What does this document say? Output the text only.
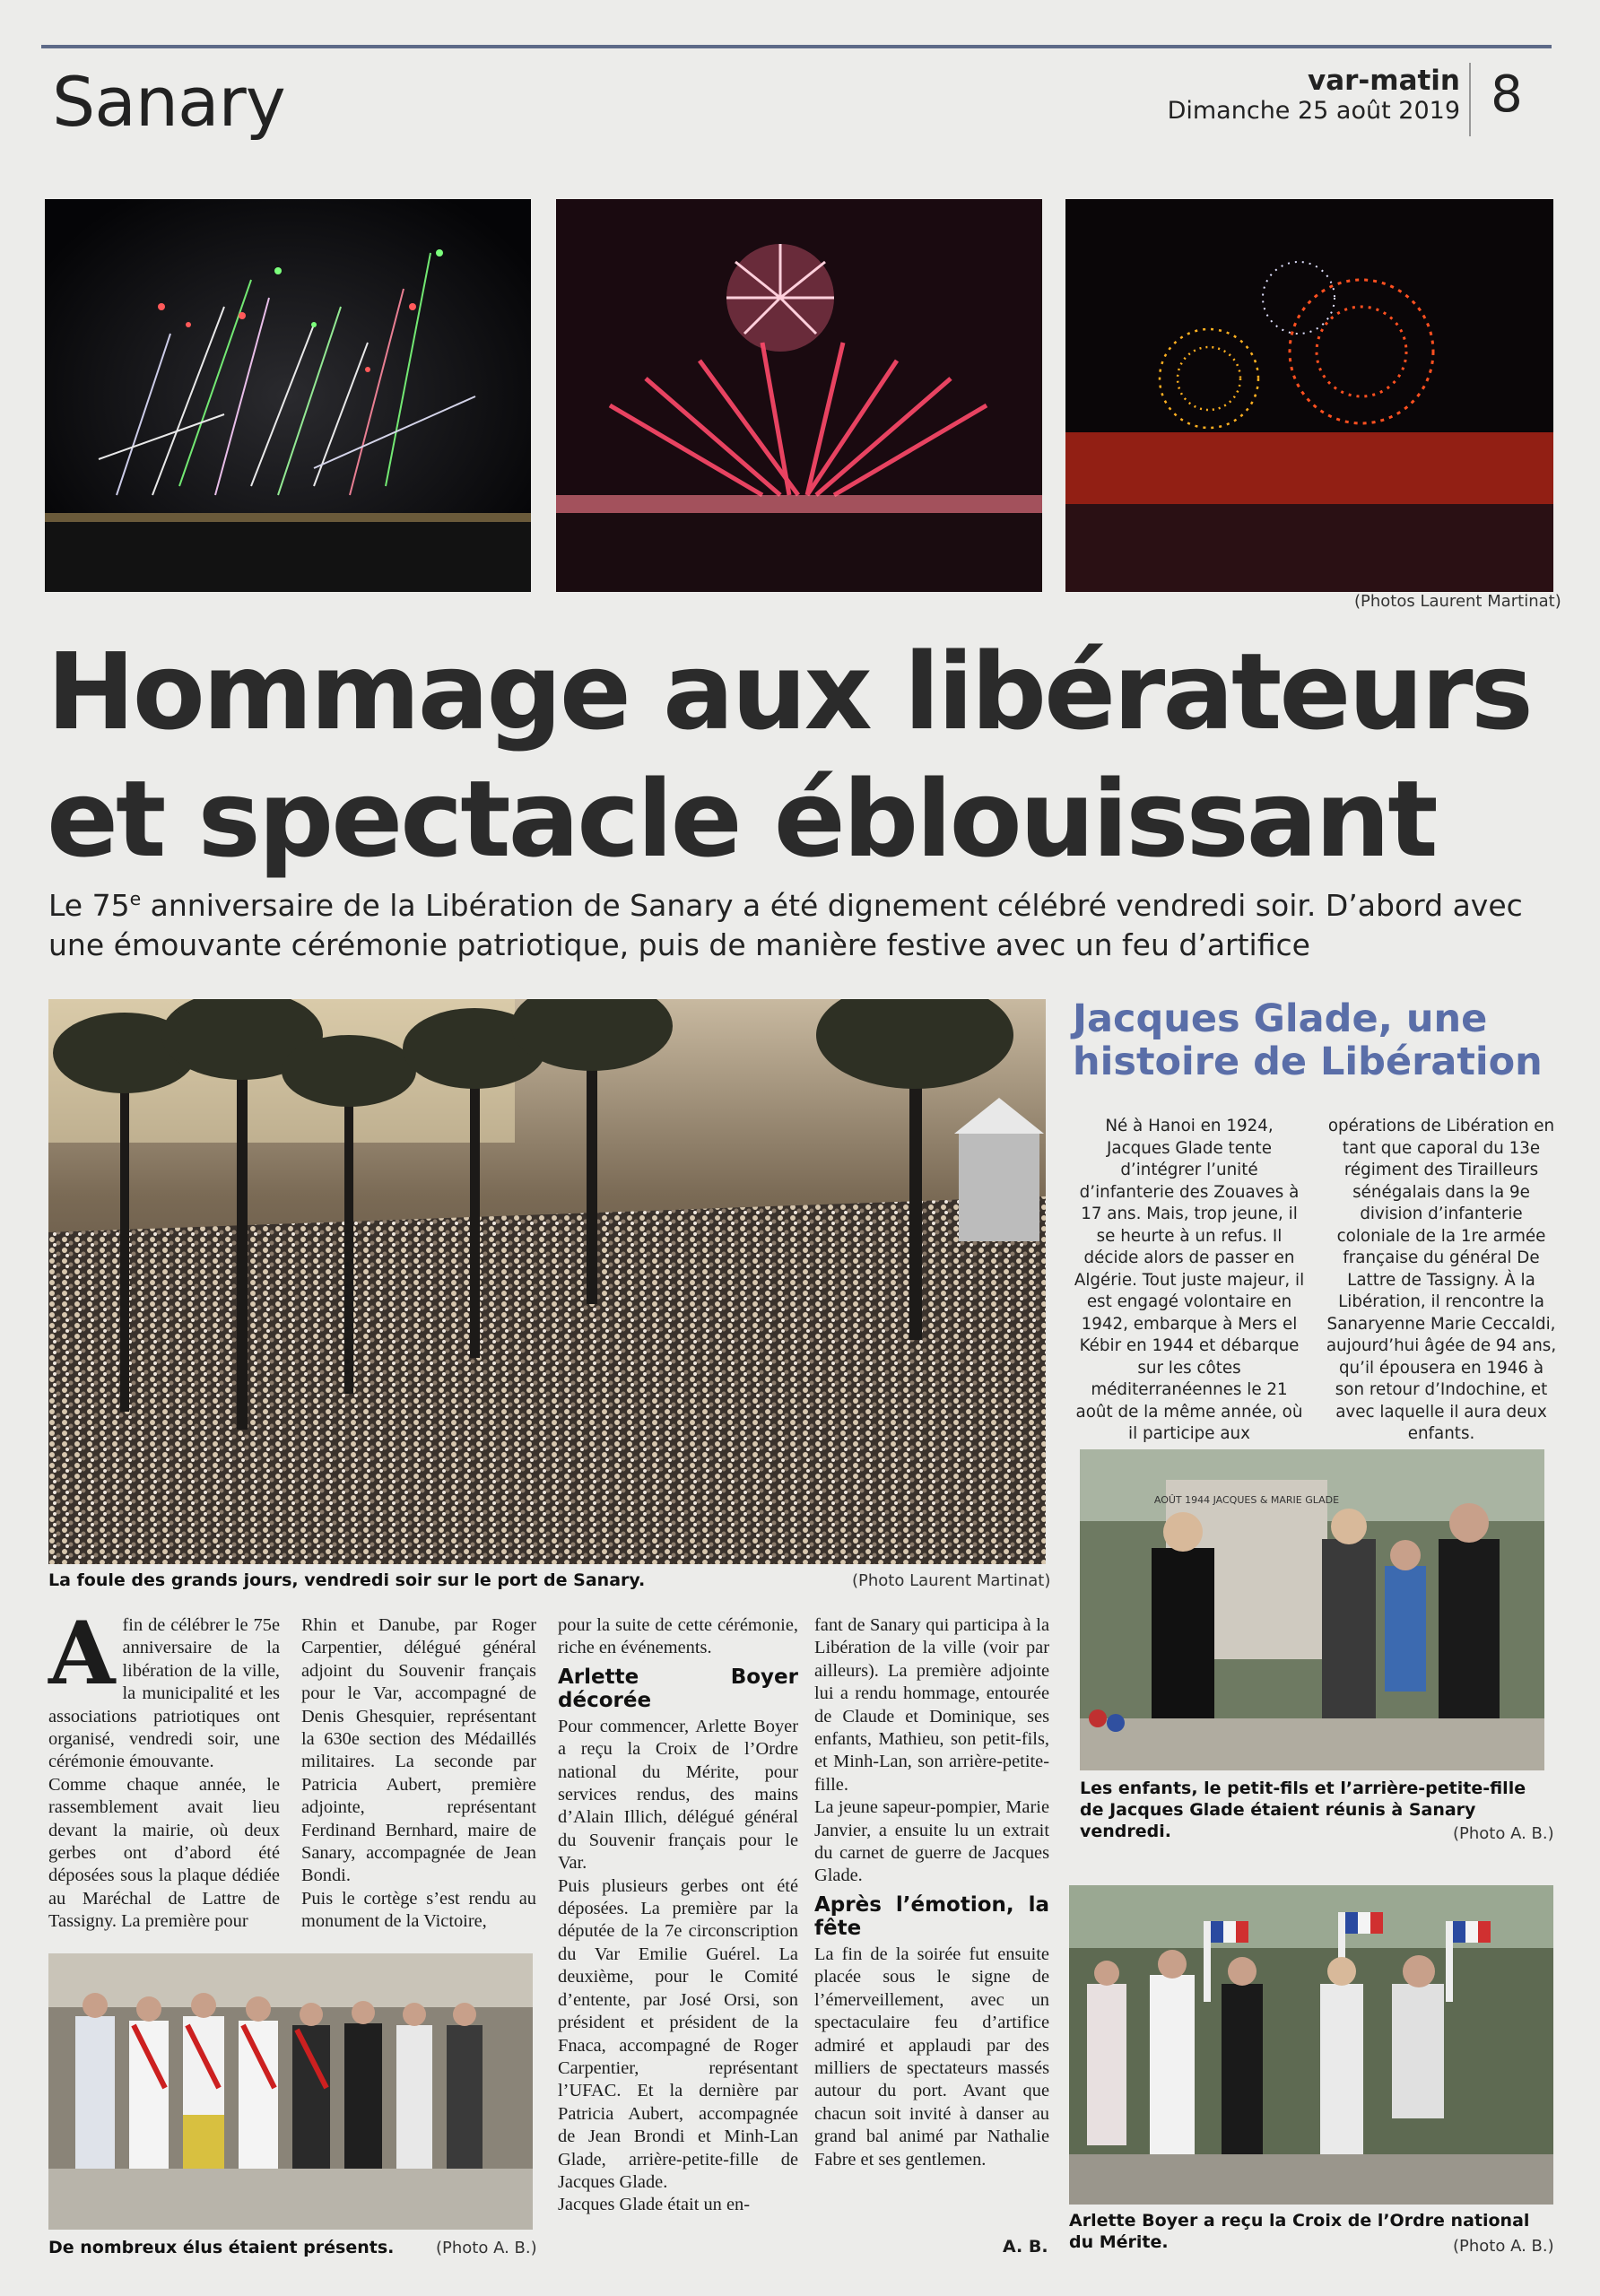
Sanary	var-matin
Dimanche 25 août 2019 8
(Photos Laurent Martinat)
Hommage aux libérateurs
et spectacle éblouissant
Le 75e anniversaire de la Libération de Sanary a été dignement célébré vendredi soir. D’abord avec une émouvante cérémonie patriotique, puis de manière festive avec un feu d’artifice
La foule des grands jours, vendredi soir sur le port de Sanary.	(Photo Laurent Martinat)
A fin de célébrer le 75e anniversaire de la libération de la ville, la municipalité et les associations patriotiques ont organisé, vendredi soir, une cérémonie émouvante.

Comme chaque année, le rassemblement avait lieu devant la mairie, où deux gerbes ont d’abord été déposées sous la plaque dédiée au Maréchal de Lattre de Tassigny. La première pour

Rhin et Danube, par Roger Carpentier, délégué général adjoint du Souvenir français pour le Var, accompagné de Denis Ghesquier, représentant la 630e section des Médaillés militaires. La seconde par Patricia Aubert, première adjointe, représentant Ferdinand Bernhard, maire de Sanary, accompagnée de Jean Bondi.

Puis le cortège s’est rendu au monument de la Victoire,

pour la suite de cette cérémonie, riche en événements.

Arlette Boyer décorée

Pour commencer, Arlette Boyer a reçu la Croix de l’Ordre national du Mérite, pour services rendus, des mains d’Alain Illich, délégué général du Souvenir français pour le Var.

Puis plusieurs gerbes ont été déposées. La première par la députée de la 7e circonscription du Var Emilie Guérel. La deuxième, pour le Comité d’entente, par José Orsi, son président et président de la Fnaca, accompagné de Roger Carpentier, représentant l’UFAC. Et la dernière par Patricia Aubert, accompagnée de Jean Brondi et Minh-Lan Glade, arrière-petite-fille de Jacques Glade.

Jacques Glade était un en-

fant de Sanary qui participa à la Libération de la ville (voir par ailleurs). La première adjointe lui a rendu hommage, entourée de Claude et Dominique, ses enfants, Mathieu, son petit-fils, et Minh-Lan, son arrière-petite-fille.

La jeune sapeur-pompier, Marie Janvier, a ensuite lu un extrait du carnet de guerre de Jacques Glade.

Après l’émotion, la fête

La fin de la soirée fut ensuite placée sous le signe de l’émerveillement, avec un spectaculaire feu d’artifice admiré et applaudi par des milliers de spectateurs massés autour du port. Avant que chacun soit invité à danser au grand bal animé par Nathalie Fabre et ses gentlemen.

A. B.
De nombreux élus étaient présents.	(Photo A. B.)
Jacques Glade, une histoire de Libération
Né à Hanoi en 1924, Jacques Glade tente d’intégrer l’unité d’infanterie des Zouaves à 17 ans. Mais, trop jeune, il se heurte à un refus. Il décide alors de passer en Algérie. Tout juste majeur, il est engagé volontaire en 1942, embarque à Mers el Kébir en 1944 et débarque sur les côtes méditerranéennes le 21 août de la même année, où il participe aux
opérations de Libération en tant que caporal du 13e régiment des Tirailleurs sénégalais dans la 9e division d’infanterie coloniale de la 1re armée française du général De Lattre de Tassigny. À la Libération, il rencontre la Sanaryenne Marie Ceccaldi, aujourd’hui âgée de 94 ans, qu’il épousera en 1946 à son retour d’Indochine, et avec laquelle il aura deux enfants.
AOÛT 1944 JACQUES & MARIE GLADE
Les enfants, le petit-fils et l’arrière-petite-fille de Jacques Glade étaient réunis à Sanary vendredi.	(Photo A. B.)
Arlette Boyer a reçu la Croix de l’Ordre national du Mérite.	(Photo A. B.)
